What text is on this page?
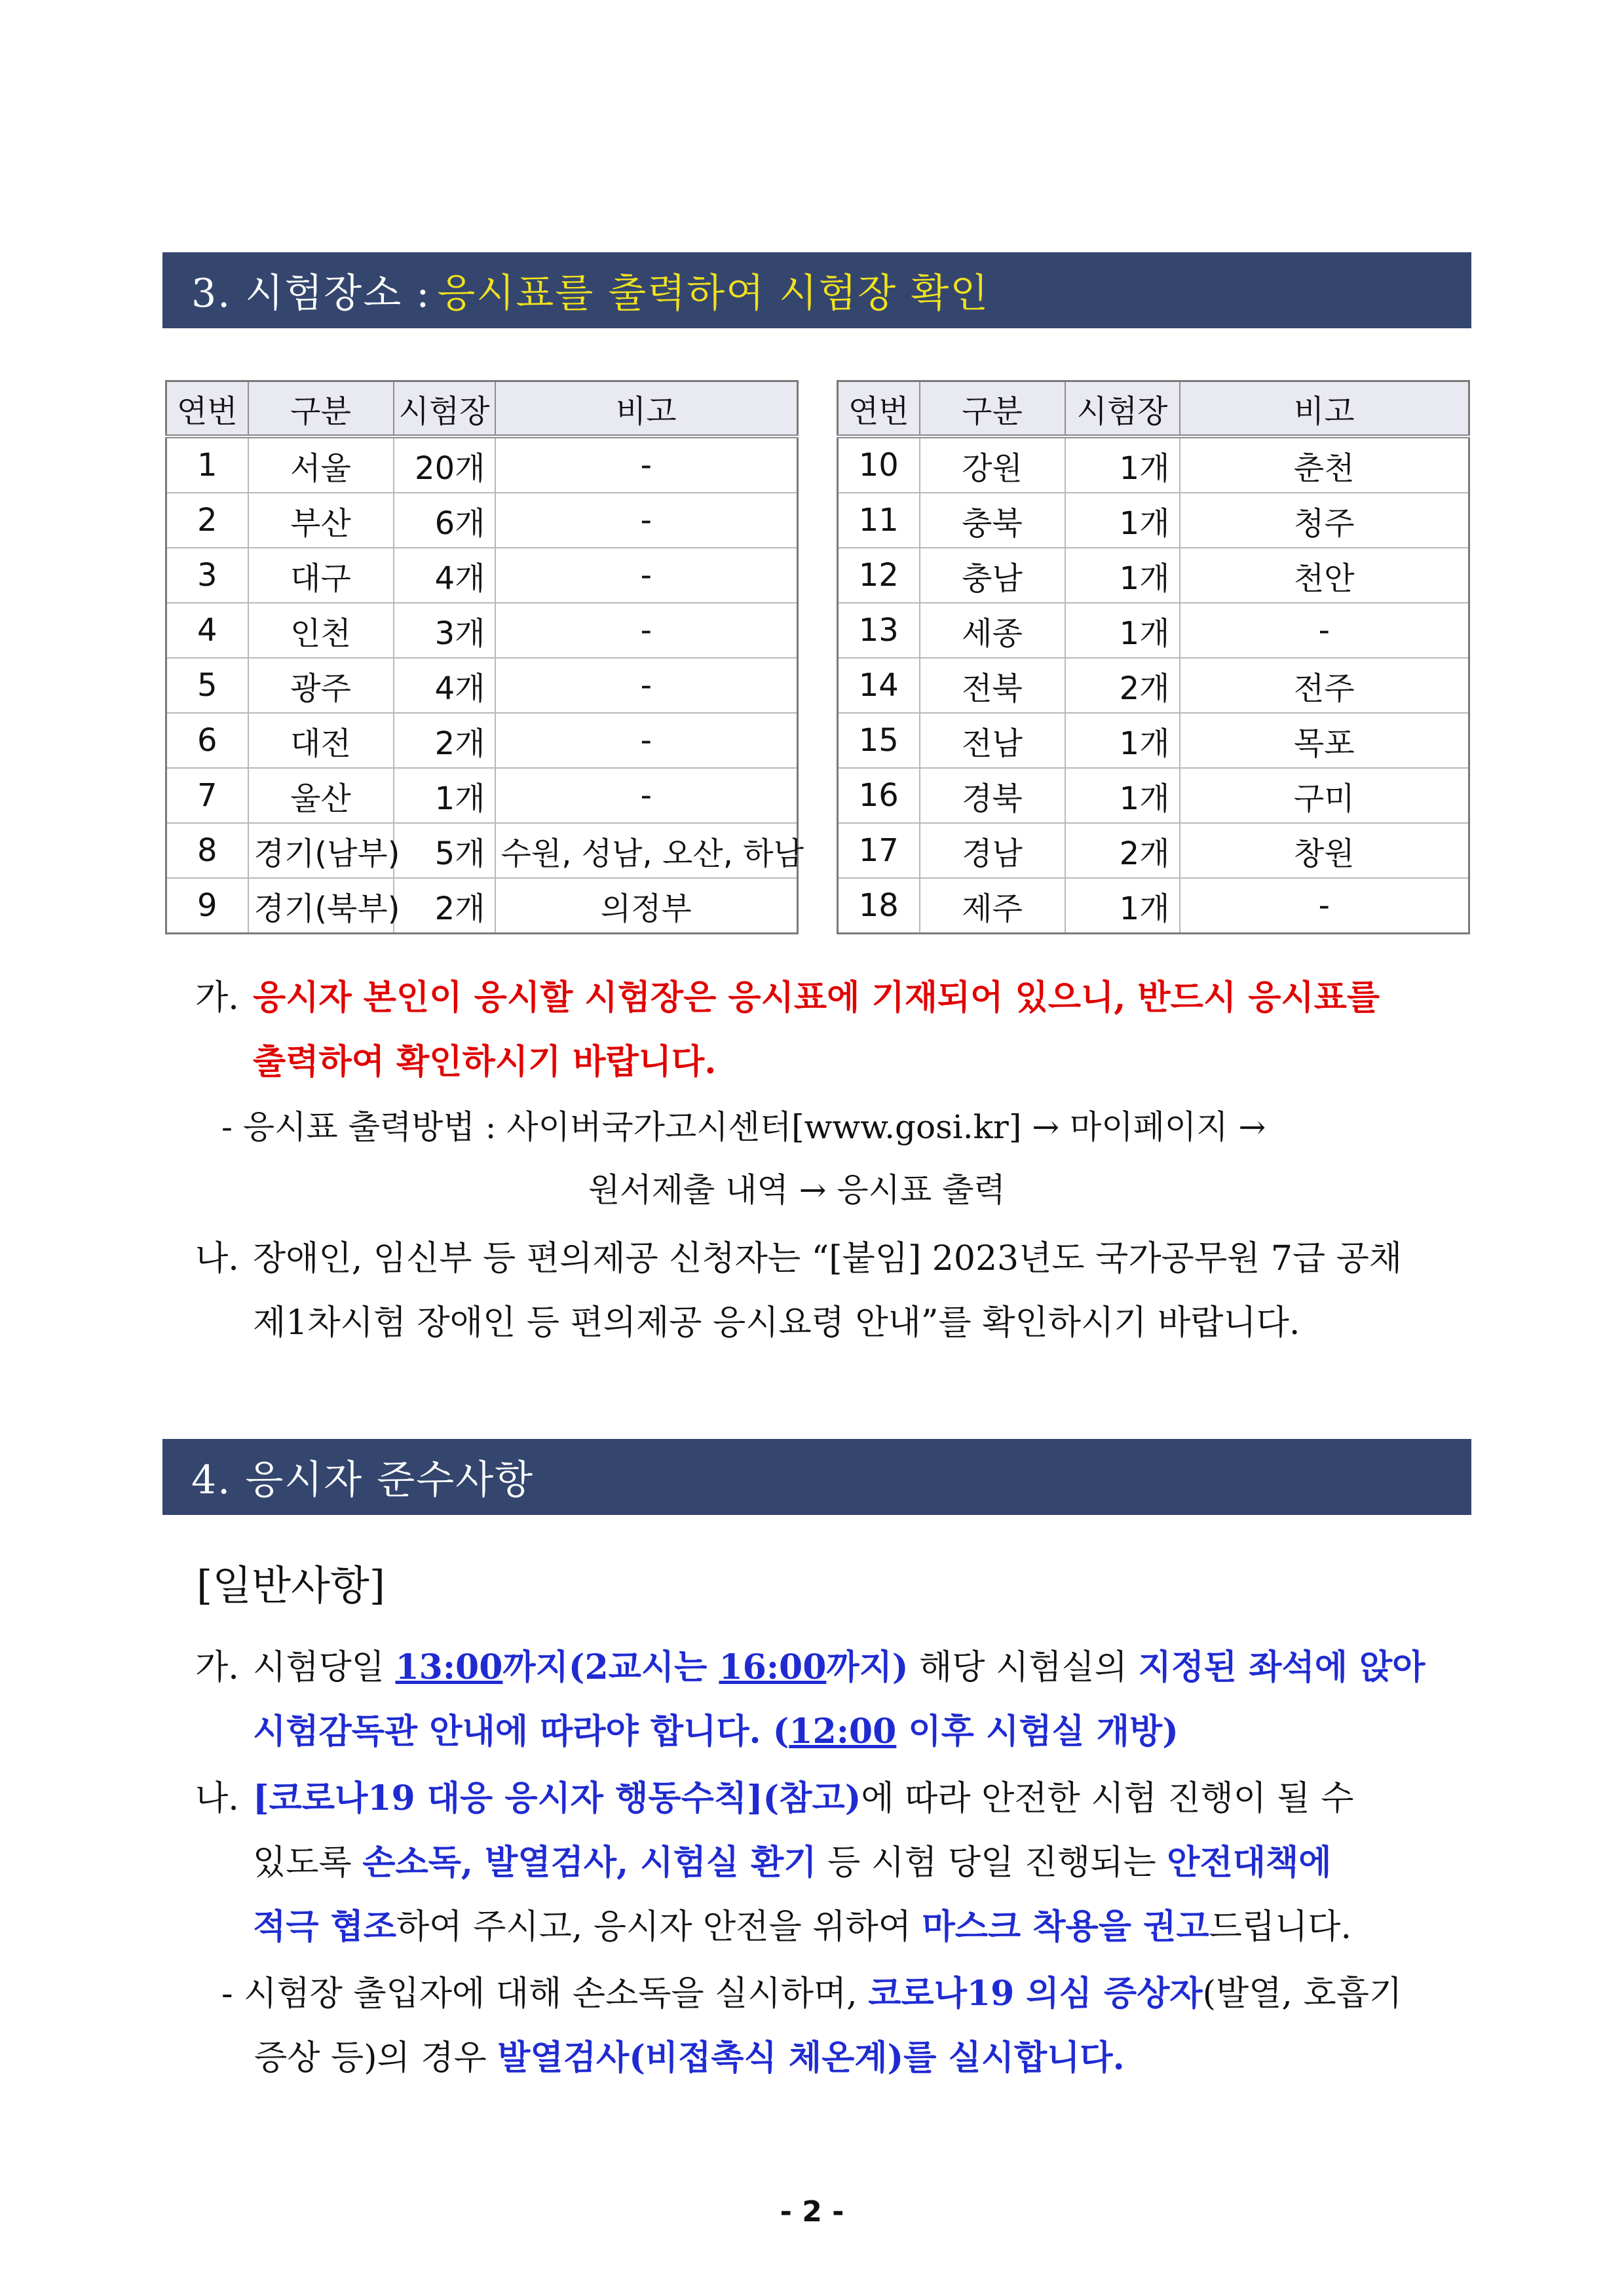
3. 시험장소 : 응시표를 출력하여 시험장 확인
연번	구분	시험장	비고
1	서울	20개	-
2	부산	6개	-
3	대구	4개	-
4	인천	3개	-
5	광주	4개	-
6	대전	2개	-
7	울산	1개	-
8	경기(남부)	5개	수원, 성남, 오산, 하남
9	경기(북부)	2개	의정부
연번	구분	시험장	비고
10	강원	1개	춘천
11	충북	1개	청주
12	충남	1개	천안
13	세종	1개	-
14	전북	2개	전주
15	전남	1개	목포
16	경북	1개	구미
17	경남	2개	창원
18	제주	1개	-
가. 응시자 본인이 응시할 시험장은 응시표에 기재되어 있으니, 반드시 응시표를
출력하여 확인하시기 바랍니다.
- 응시표 출력방법 : 사이버국가고시센터[www.gosi.kr] → 마이페이지 →
원서제출 내역 → 응시표 출력
나. 장애인, 임신부 등 편의제공 신청자는 “[붙임] 2023년도 국가공무원 7급 공채
제1차시험 장애인 등 편의제공 응시요령 안내”를 확인하시기 바랍니다.
4. 응시자 준수사항
[일반사항]
가. 시험당일 13:00까지(2교시는 16:00까지) 해당 시험실의 지정된 좌석에 앉아
시험감독관 안내에 따라야 합니다. (12:00 이후 시험실 개방)
나. [코로나19 대응 응시자 행동수칙](참고)에 따라 안전한 시험 진행이 될 수
있도록 손소독, 발열검사, 시험실 환기 등 시험 당일 진행되는 안전대책에
적극 협조하여 주시고, 응시자 안전을 위하여 마스크 착용을 권고드립니다.
- 시험장 출입자에 대해 손소독을 실시하며, 코로나19 의심 증상자(발열, 호흡기
증상 등)의 경우 발열검사(비접촉식 체온계)를 실시합니다.
- 2 -
